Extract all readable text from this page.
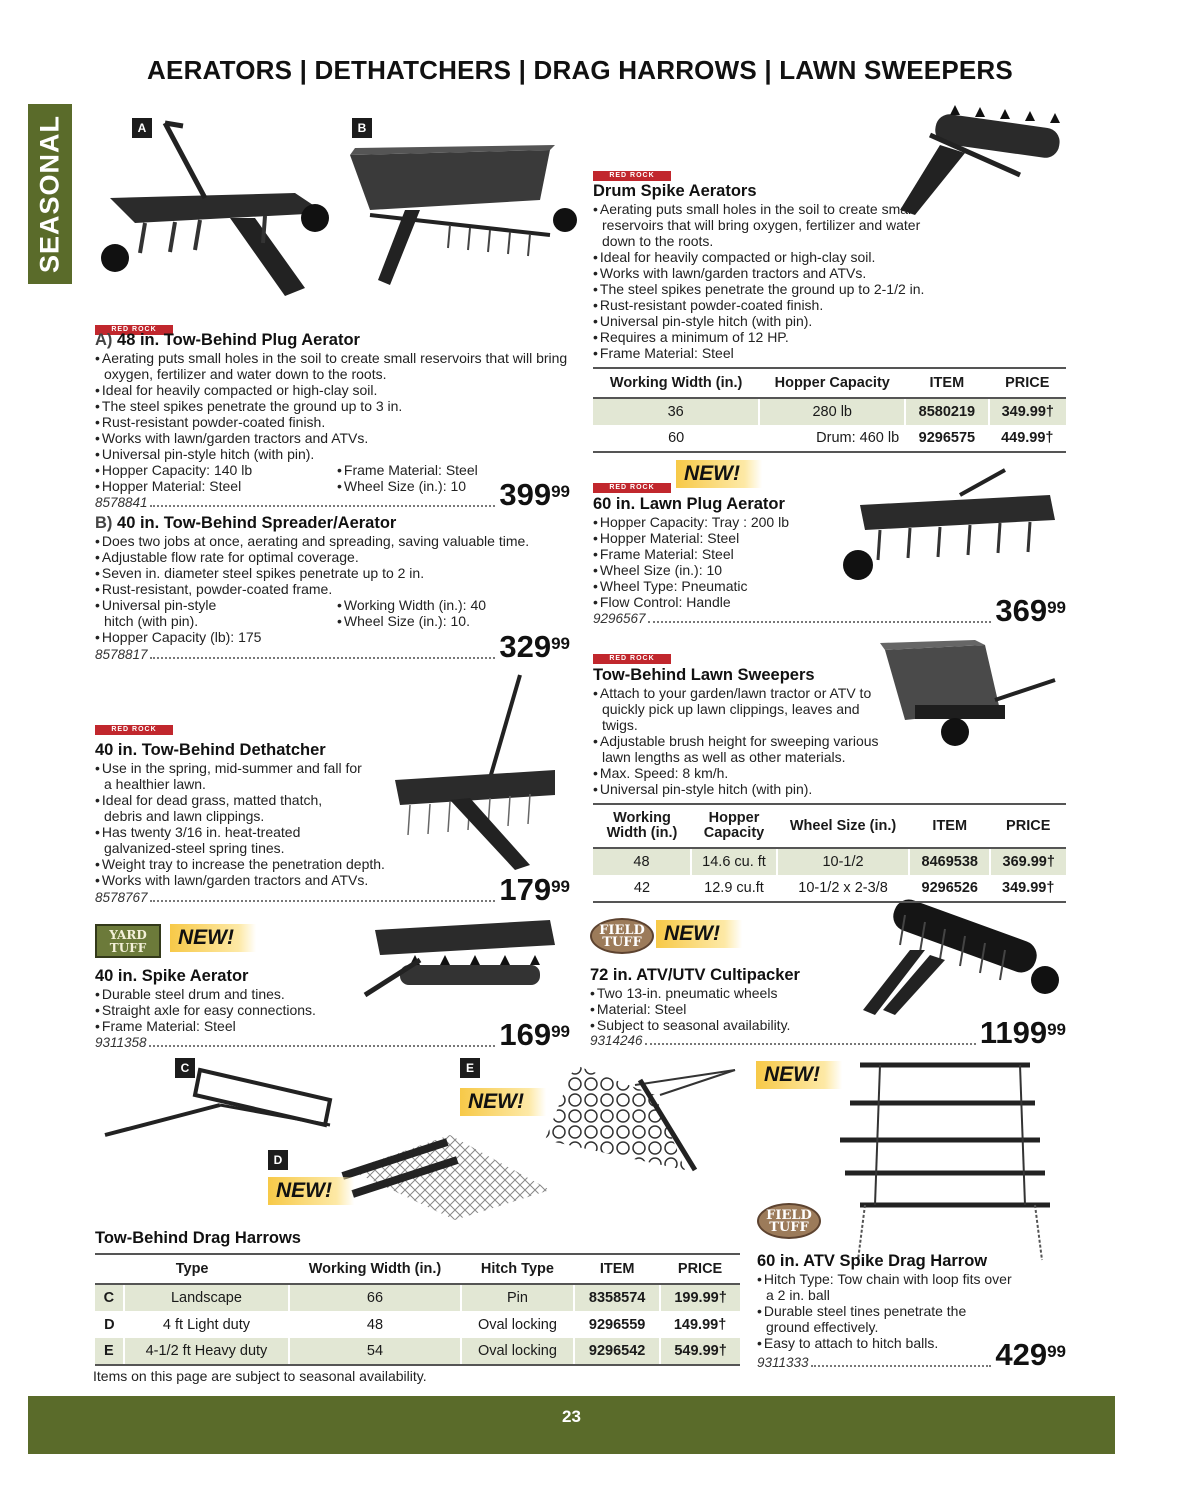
AERATORS | DETHATCHERS | DRAG HARROWS | LAWN SWEEPERS
SEASONAL	A	B
C
D
E
RED ROCK
A) 48 in. Tow-Behind Plug Aerator
• Aerating puts small holes in the soil to create small reservoirs that will bring oxygen, fertilizer and water down to the roots.
• Ideal for heavily compacted or high-clay soil.
• The steel spikes penetrate the ground up to 3 in.
• Rust-resistant powder-coated finish.
• Works with lawn/garden tractors and ATVs.
• Universal pin-style hitch (with pin).
• Hopper Capacity: 140 lb	• Frame Material: Steel
• Hopper Material: Steel	• Wheel Size (in.): 10
8578841	$399^{99}$
B) 40 in. Tow-Behind Spreader/Aerator
• Does two jobs at once, aerating and spreading, saving valuable time.
• Adjustable flow rate for optimal coverage.
• Seven in. diameter steel spikes penetrate up to 2 in.
• Rust-resistant, powder-coated frame.
• Universal pin-style hitch (with pin).
• Working Width (in.): 40
• Hopper Capacity (lb): 175
• Wheel Size (in.): 10.
8578817	$329^{99}$
RED ROCK
40 in. Tow-Behind Dethatcher
• Use in the spring, mid-summer and fall for a healthier lawn.
• Ideal for dead grass, matted thatch, debris and lawn clippings.
• Has twenty 3/16 in. heat-treated galvanized-steel spring tines.
• Weight tray to increase the penetration depth.
• Works with lawn/garden tractors and ATVs.
8578767	$179^{99}$
YARD TUFF	NEW!
40 in. Spike Aerator
• Durable steel drum and tines.
• Straight axle for easy connections.
• Frame Material: Steel
9311358	$169^{99}$
RED ROCK
Drum Spike Aerators
• Aerating puts small holes in the soil to create small reservoirs that will bring oxygen, fertilizer and water down to the roots.
• Ideal for heavily compacted or high-clay soil.
• Works with lawn/garden tractors and ATVs.
• The steel spikes penetrate the ground up to 2-1/2 in.
• Rust-resistant powder-coated finish.
• Universal pin-style hitch (with pin).
• Requires a minimum of 12 HP.
• Frame Material: Steel
Working Width (in.)	Hopper Capacity	ITEM	PRICE
36	280 lb	8580219	349.99†
60	Drum: 460 lb	9296575	449.99†
RED ROCK
NEW!
60 in. Lawn Plug Aerator
• Hopper Capacity: Tray : 200 lb
• Hopper Material: Steel
• Frame Material: Steel
• Wheel Size (in.): 10
• Wheel Type: Pneumatic
• Flow Control: Handle
9296567	$369^{99}$
RED ROCK
Tow-Behind Lawn Sweepers
• Attach to your garden/lawn tractor or ATV to quickly pick up lawn clippings, leaves and twigs.
• Adjustable brush height for sweeping various lawn lengths as well as other materials.
• Max. Speed: 8 km/h.
• Universal pin-style hitch (with pin).
Working Width (in.)	Hopper Capacity	Wheel Size (in.)	ITEM	PRICE
48	14.6 cu. ft	10-1/2	8469538	369.99†
42	12.9 cu.ft	10-1/2 x 2-3/8	9296526	349.99†
FIELD TUFF	NEW!
72 in. ATV/UTV Cultipacker
• Two 13-in. pneumatic wheels
• Material: Steel
• Subject to seasonal availability.
9314246	1199$^{99}$
NEW!
NEW!
NEW!
Tow-Behind Drag Harrows
Type		Working Width (in.)	Hitch Type	ITEM	PRICE
C	Landscape	66	Pin	8358574	199.99†
D	4 ft Light duty	48	Oval locking	9296559	149.99†
E	4-1/2 ft Heavy duty	54	Oval locking	9296542	549.99†
FIELD TUFF
60 in. ATV Spike Drag Harrow
• Hitch Type: Tow chain with loop fits over a 2 in. ball
• Durable steel tines penetrate the ground effectively.
• Easy to attach to hitch balls.
9311333	$429^{99}$
Items on this page are subject to seasonal availability.
23
